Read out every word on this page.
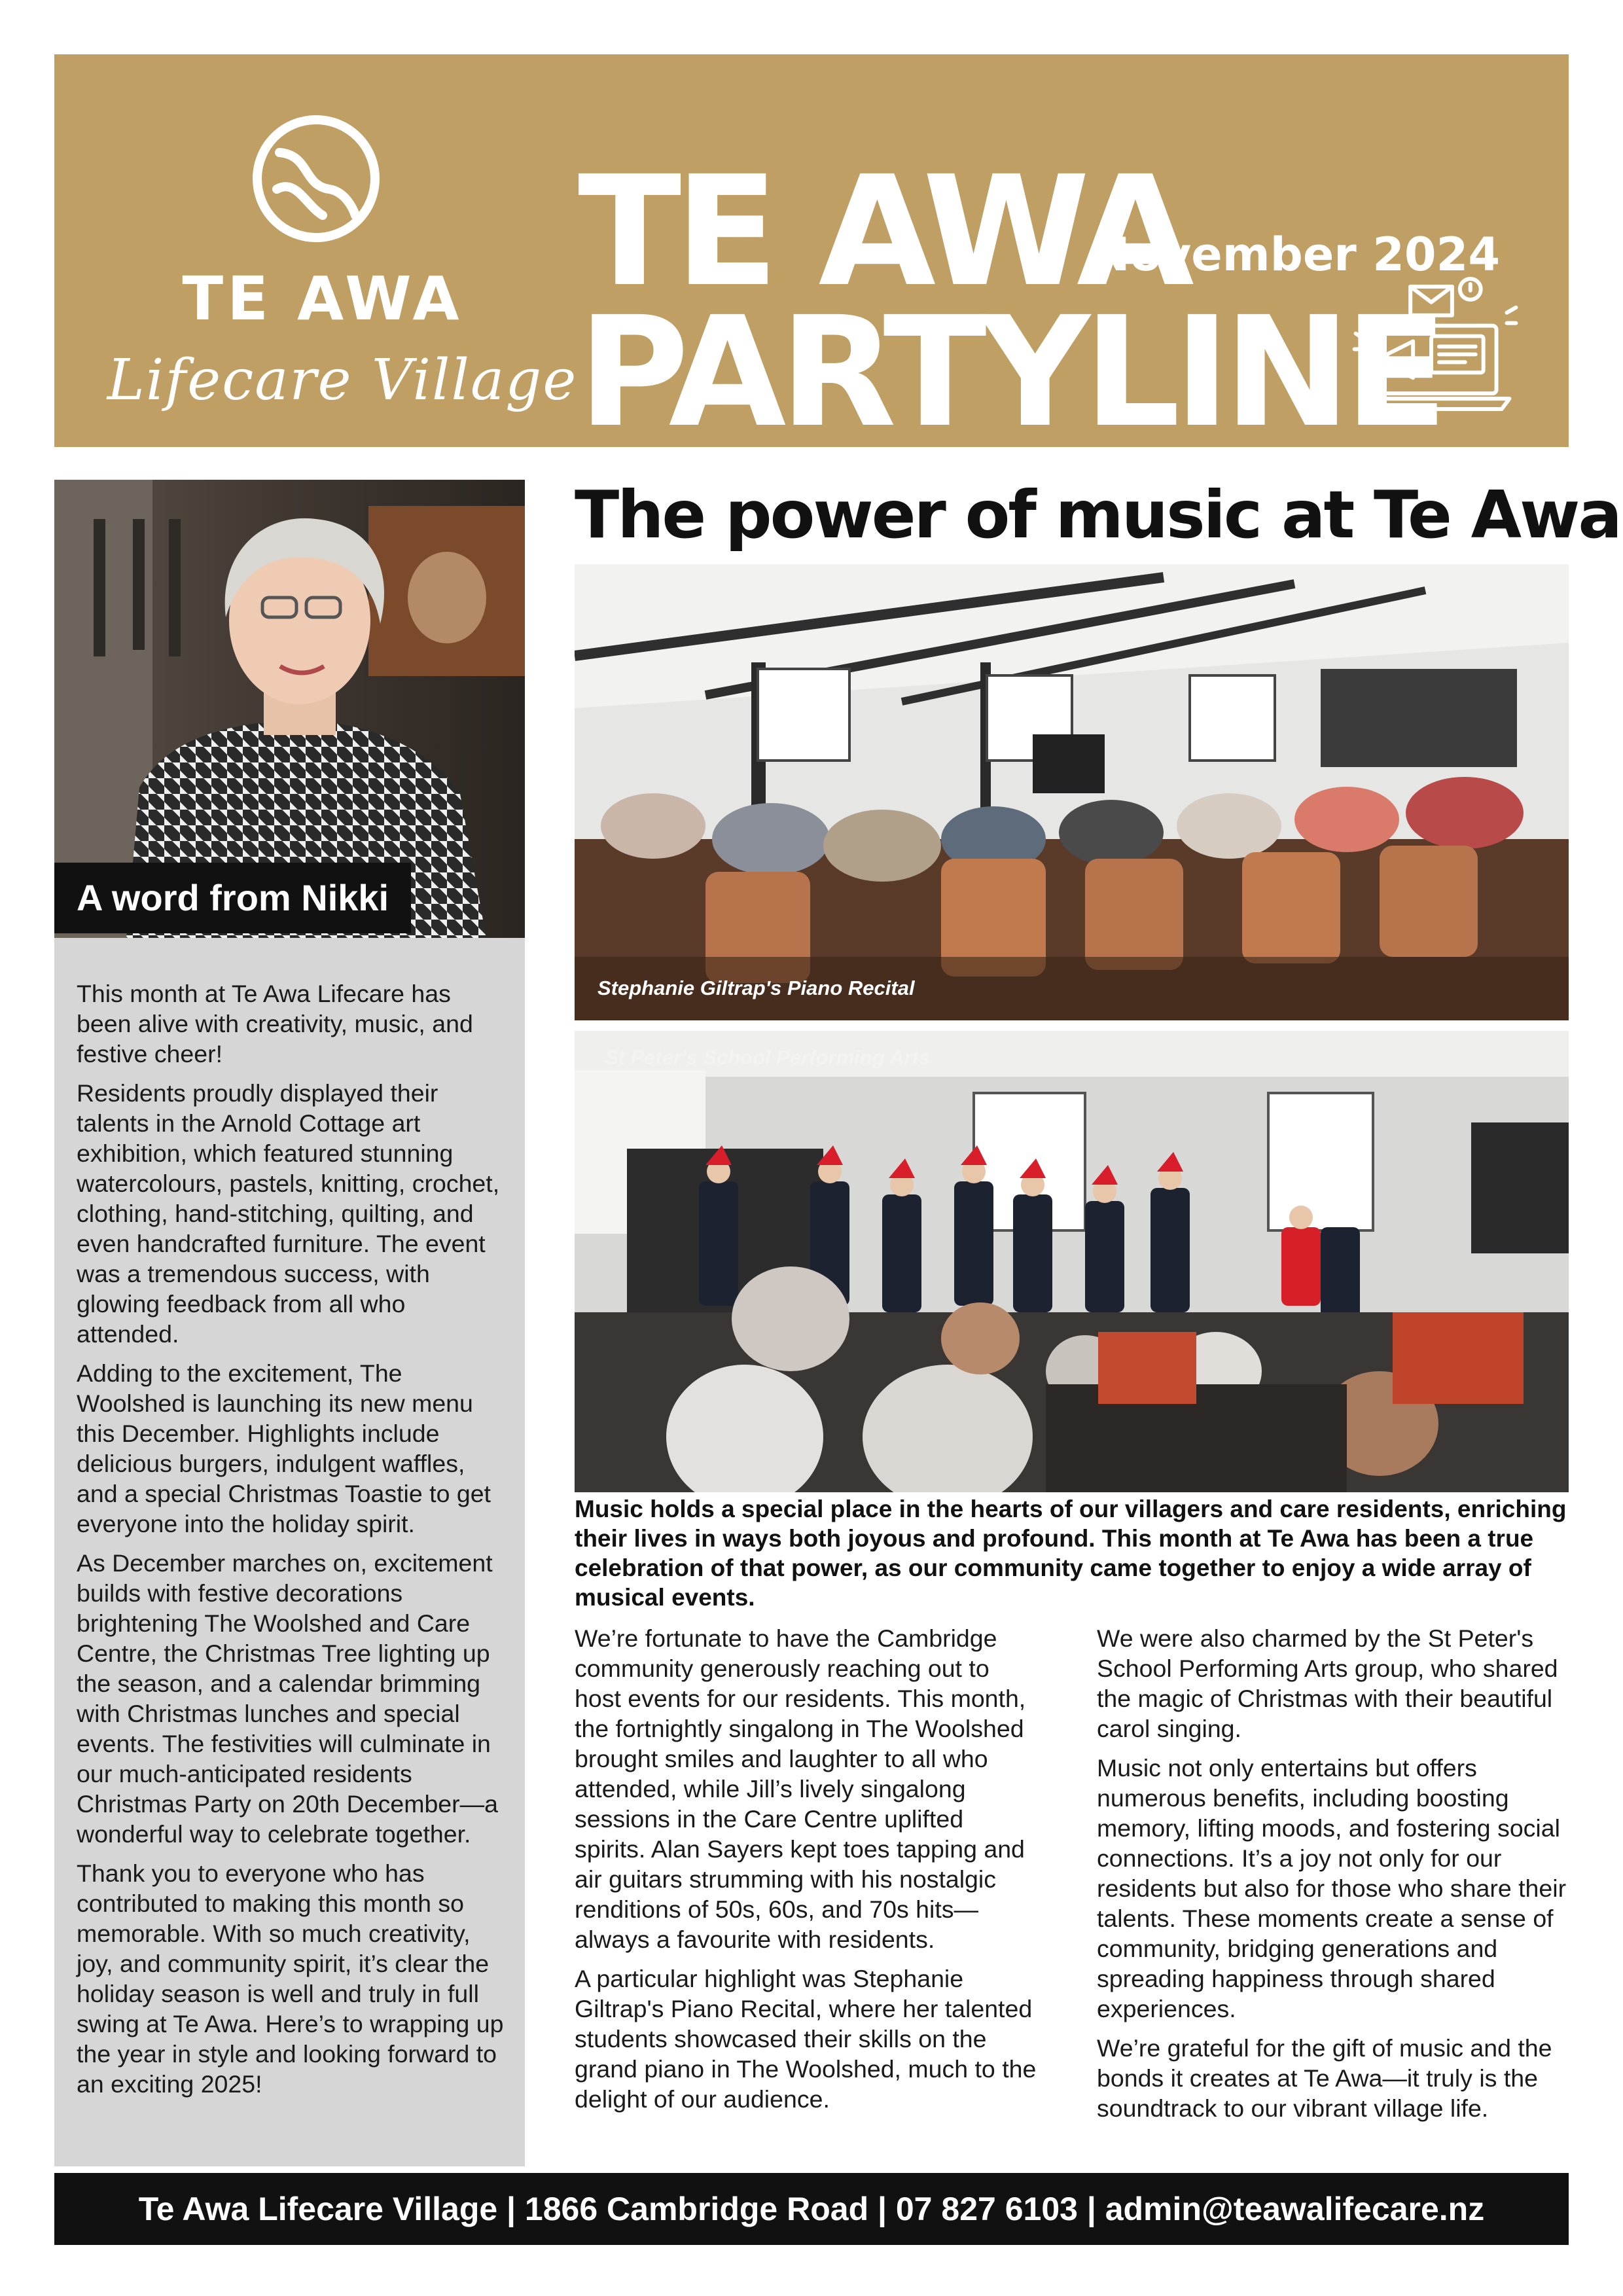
TE AWA
Lifecare Village
TE AWA
PARTYLINE
November 2024
A word from Nikki

This month at Te Awa Lifecare has been alive with creativity, music, and festive cheer!

Residents proudly displayed their talents in the Arnold Cottage art exhibition, which featured stunning watercolours, pastels, knitting, crochet, clothing, hand-stitching, quilting, and even handcrafted furniture. The event was a tremendous success, with glowing feedback from all who attended.

Adding to the excitement, The Woolshed is launching its new menu this December. Highlights include delicious burgers, indulgent waffles, and a special Christmas Toastie to get everyone into the holiday spirit.

As December marches on, excitement builds with festive decorations brightening The Woolshed and Care Centre, the Christmas Tree lighting up the season, and a calendar brimming with Christmas lunches and special events. The festivities will culminate in our much-anticipated residents Christmas Party on 20th December—a wonderful way to celebrate together.

Thank you to everyone who has contributed to making this month so memorable. With so much creativity, joy, and community spirit, it’s clear the holiday season is well and truly in full swing at Te Awa. Here’s to wrapping up the year in style and looking forward to an exciting 2025!

The power of music at Te Awa
Stephanie Giltrap's Piano Recital
St Peter's School Performing Arts
Music holds a special place in the hearts of our villagers and care residents, enriching their lives in ways both joyous and profound. This month at Te Awa has been a true celebration of that power, as our community came together to enjoy a wide array of musical events.

We’re fortunate to have the Cambridge community generously reaching out to host events for our residents. This month, the fortnightly singalong in The Woolshed brought smiles and laughter to all who attended, while Jill’s lively singalong sessions in the Care Centre uplifted spirits. Alan Sayers kept toes tapping and air guitars strumming with his nostalgic renditions of 50s, 60s, and 70s hits—always a favourite with residents.

A particular highlight was Stephanie Giltrap's Piano Recital, where her talented students showcased their skills on the grand piano in The Woolshed, much to the delight of our audience.

We were also charmed by the St Peter's School Performing Arts group, who shared the magic of Christmas with their beautiful carol singing.

Music not only entertains but offers numerous benefits, including boosting memory, lifting moods, and fostering social connections. It’s a joy not only for our residents but also for those who share their talents. These moments create a sense of community, bridging generations and spreading happiness through shared experiences.

We’re grateful for the gift of music and the bonds it creates at Te Awa—it truly is the soundtrack to our vibrant village life.

Te Awa Lifecare Village | 1866 Cambridge Road | 07 827 6103 | admin@teawalifecare.nz
